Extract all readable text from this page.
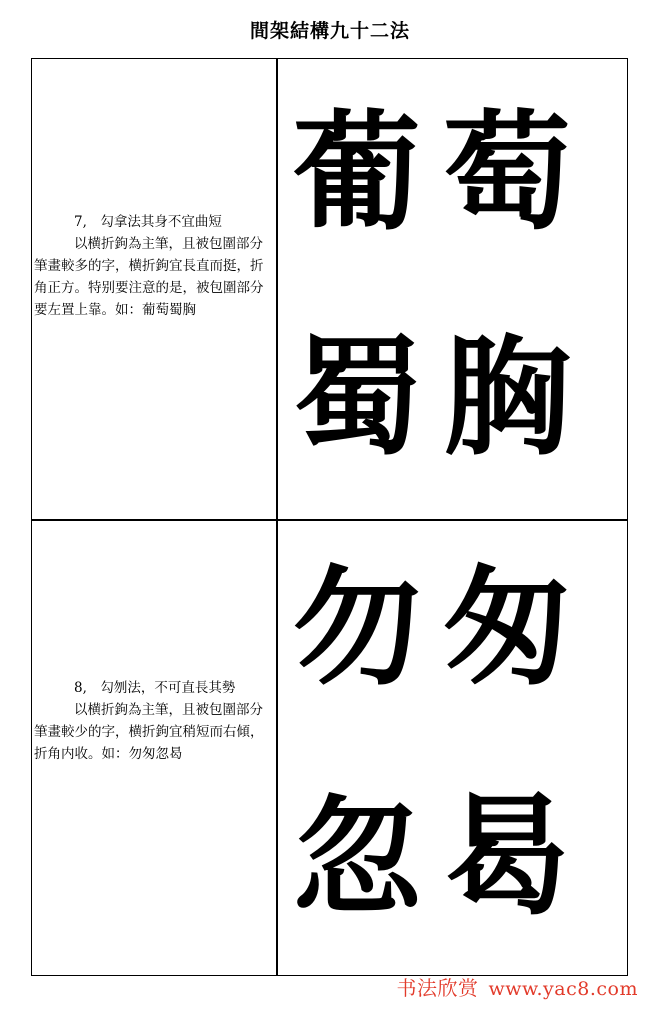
間架結構九十二法

7,　勾拿法其身不宜曲短

以横折鉤為主筆，且被包圍部分筆畫較多的字，横折鉤宜長直而挺，折角正方。特别要注意的是，被包圍部分要左置上靠。如：葡萄蜀胸

葡 萄
蜀 胸

8,　勾刎法，不可直長其勢

以横折鉤為主筆，且被包圍部分筆畫較少的字，横折鉤宜稍短而右傾，折角内收。如：勿匆忽曷

勿 匆
忽 曷
书法欣赏 www.yac8.com
